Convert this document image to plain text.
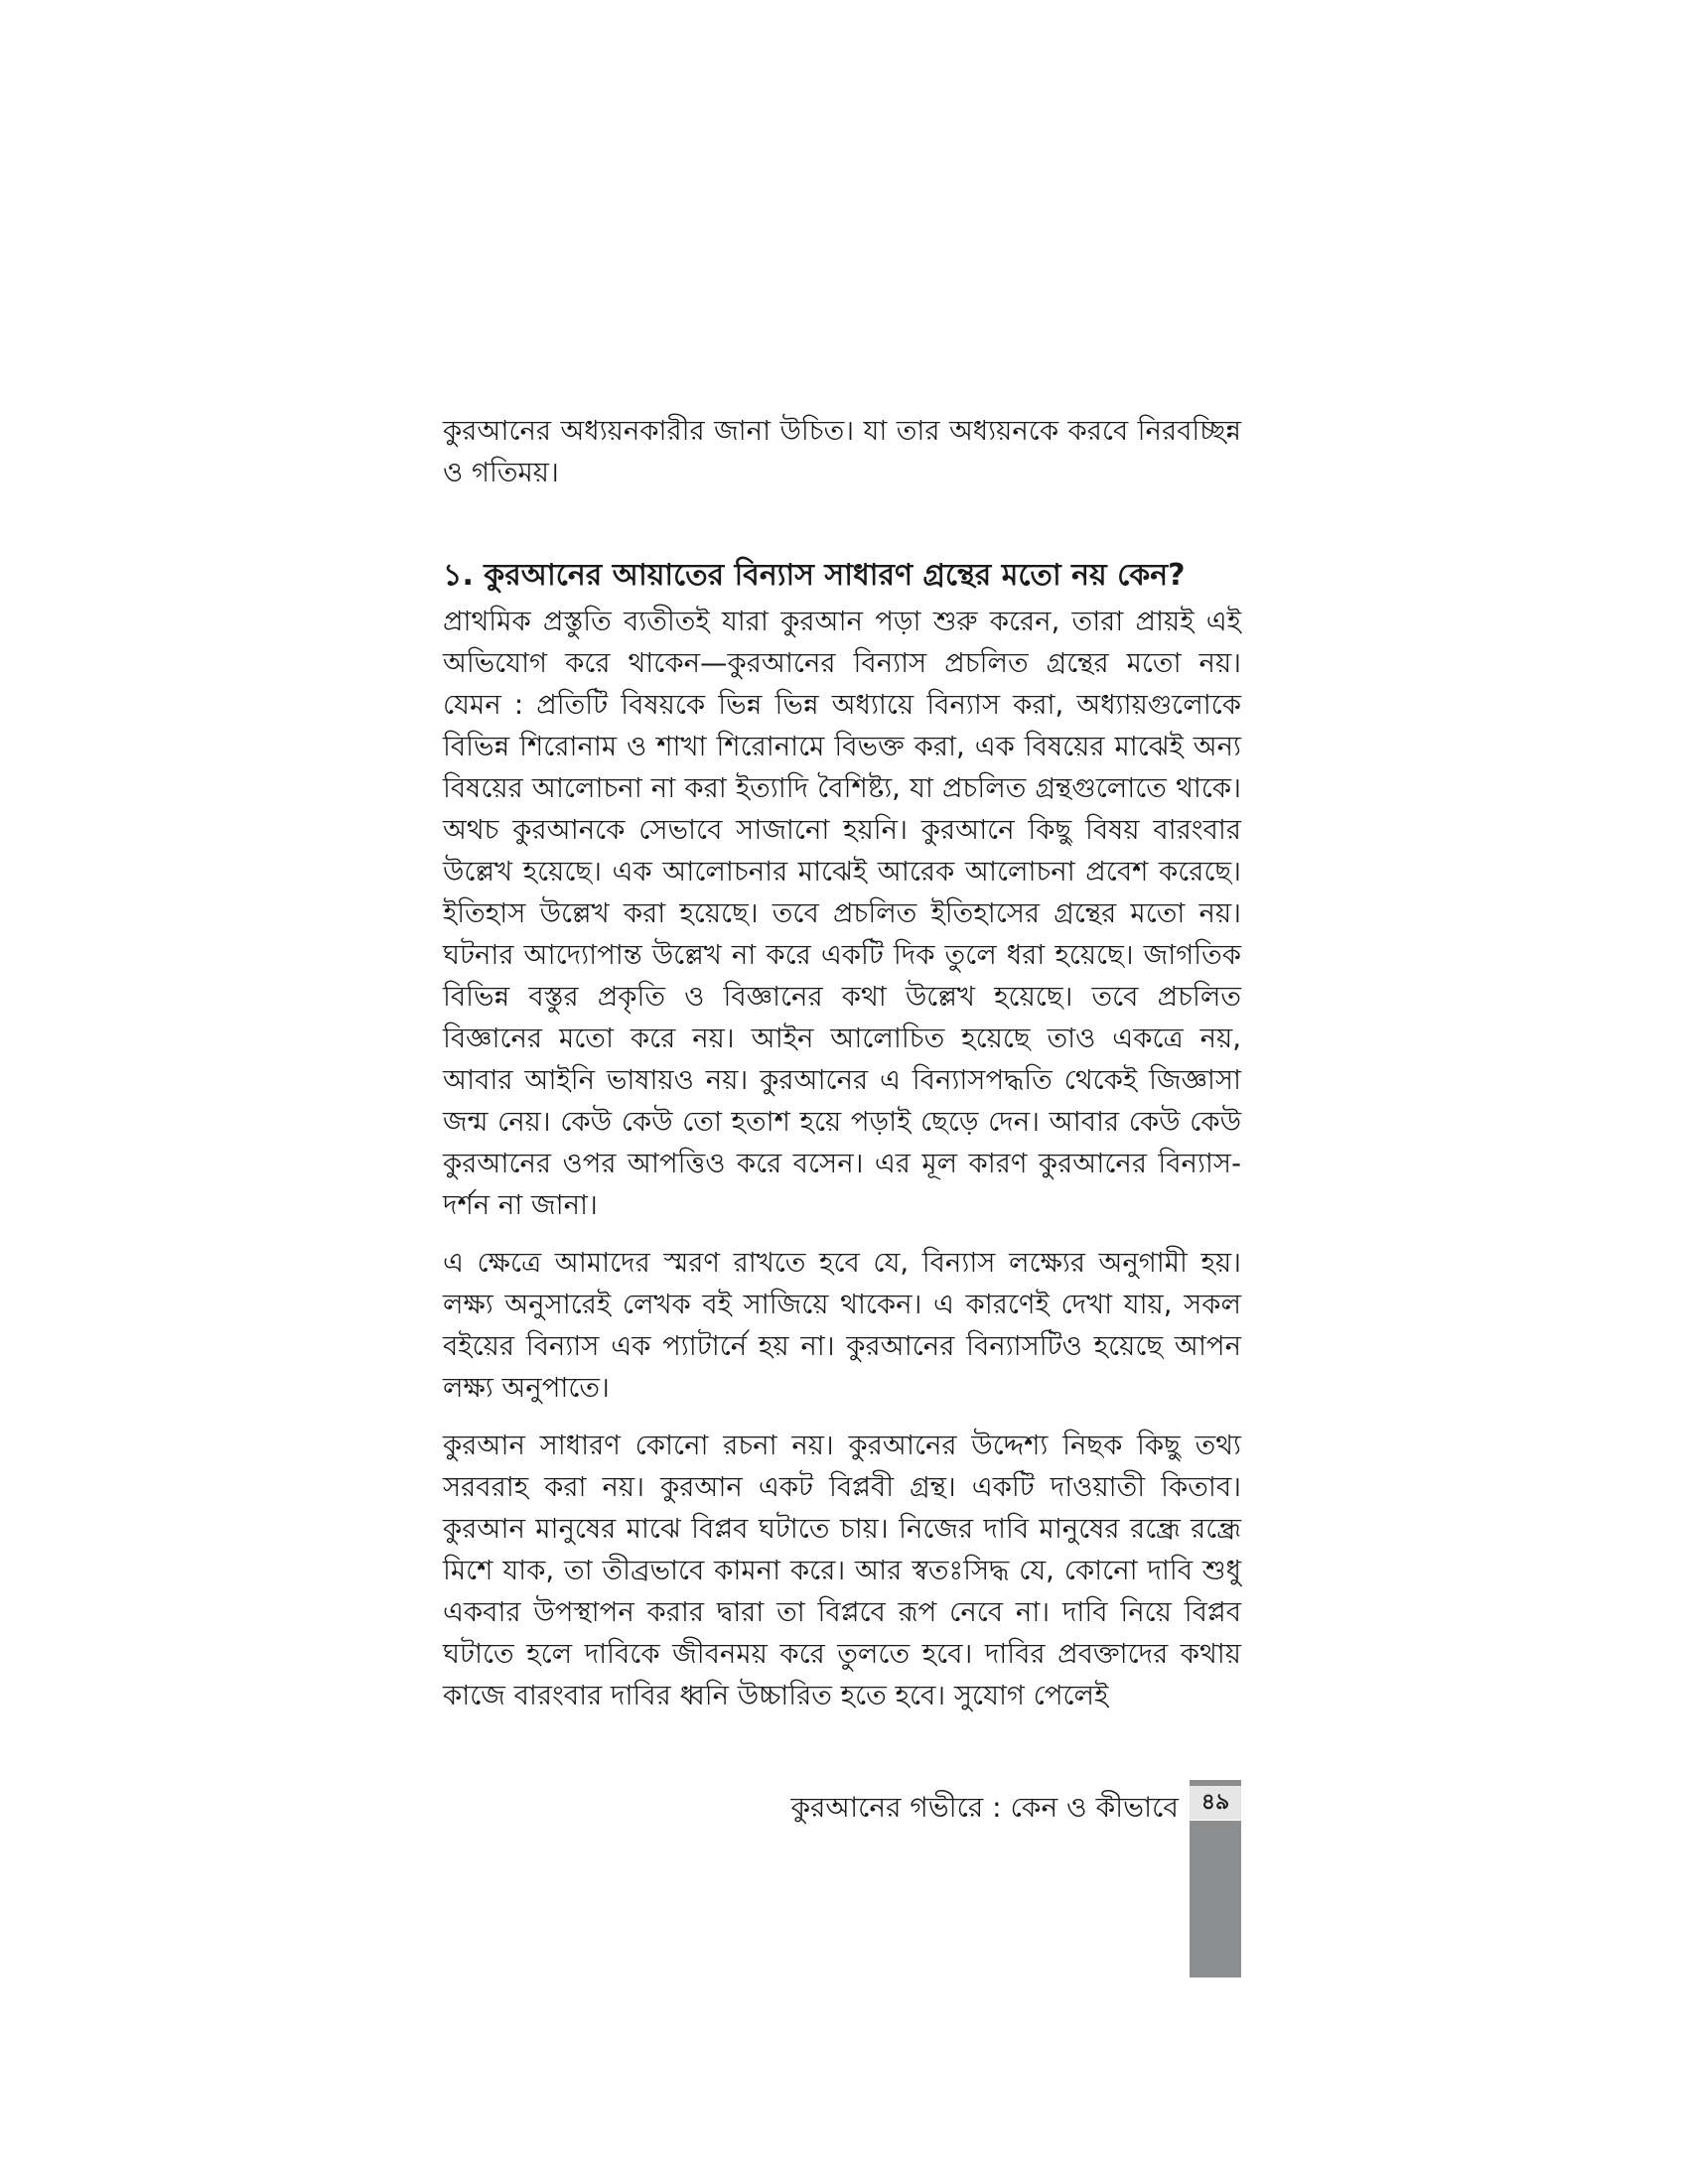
কুরআনের অধ্যয়নকারীর জানা উচিত। যা তার অধ্যয়নকে করবে নিরবচ্ছিন্ন ও গতিময়।
১. কুরআনের আয়াতের বিন্যাস সাধারণ গ্রন্থের মতো নয় কেন?

প্রাথমিক প্রস্তুতি ব্যতীতই যারা কুরআন পড়া শুরু করেন, তারা প্রায়ই এই অভিযোগ করে থাকেন—কুরআনের বিন্যাস প্রচলিত গ্রন্থের মতো নয়। যেমন : প্রতিটি বিষয়কে ভিন্ন ভিন্ন অধ্যায়ে বিন্যাস করা, অধ্যায়গুলোকে বিভিন্ন শিরোনাম ও শাখা শিরোনামে বিভক্ত করা, এক বিষয়ের মাঝেই অন্য বিষয়ের আলোচনা না করা ইত্যাদি বৈশিষ্ট্য, যা প্রচলিত গ্রন্থগুলোতে থাকে। অথচ কুরআনকে সেভাবে সাজানো হয়নি। কুরআনে কিছু বিষয় বারংবার উল্লেখ হয়েছে। এক আলোচনার মাঝেই আরেক আলোচনা প্রবেশ করেছে। ইতিহাস উল্লেখ করা হয়েছে। তবে প্রচলিত ইতিহাসের গ্রন্থের মতো নয়। ঘটনার আদ্যোপান্ত উল্লেখ না করে একটি দিক তুলে ধরা হয়েছে। জাগতিক বিভিন্ন বস্তুর প্রকৃতি ও বিজ্ঞানের কথা উল্লেখ হয়েছে। তবে প্রচলিত বিজ্ঞানের মতো করে নয়। আইন আলোচিত হয়েছে তাও একত্রে নয়, আবার আইনি ভাষায়ও নয়। কুরআনের এ বিন্যাসপদ্ধতি থেকেই জিজ্ঞাসা জন্ম নেয়। কেউ কেউ তো হতাশ হয়ে পড়াই ছেড়ে দেন। আবার কেউ কেউ কুরআনের ওপর আপত্তিও করে বসেন। এর মূল কারণ কুরআনের বিন্যাস-দর্শন না জানা।

এ ক্ষেত্রে আমাদের স্মরণ রাখতে হবে যে, বিন্যাস লক্ষ্যের অনুগামী হয়। লক্ষ্য অনুসারেই লেখক বই সাজিয়ে থাকেন। এ কারণেই দেখা যায়, সকল বইয়ের বিন্যাস এক প্যাটার্নে হয় না। কুরআনের বিন্যাসটিও হয়েছে আপন লক্ষ্য অনুপাতে।

কুরআন সাধারণ কোনো রচনা নয়। কুরআনের উদ্দেশ্য নিছক কিছু তথ্য সরবরাহ করা নয়। কুরআন একট বিপ্লবী গ্রন্থ। একটি দাওয়াতী কিতাব। কুরআন মানুষের মাঝে বিপ্লব ঘটাতে চায়। নিজের দাবি মানুষের রন্ধ্রে রন্ধ্রে মিশে যাক, তা তীব্রভাবে কামনা করে। আর স্বতঃসিদ্ধ যে, কোনো দাবি শুধু একবার উপস্থাপন করার দ্বারা তা বিপ্লবে রূপ নেবে না। দাবি নিয়ে বিপ্লব ঘটাতে হলে দাবিকে জীবনময় করে তুলতে হবে। দাবির প্রবক্তাদের কথায় কাজে বারংবার দাবির ধ্বনি উচ্চারিত হতে হবে। সুযোগ পেলেই

কুরআনের গভীরে : কেন ও কীভাবে	৪৯
